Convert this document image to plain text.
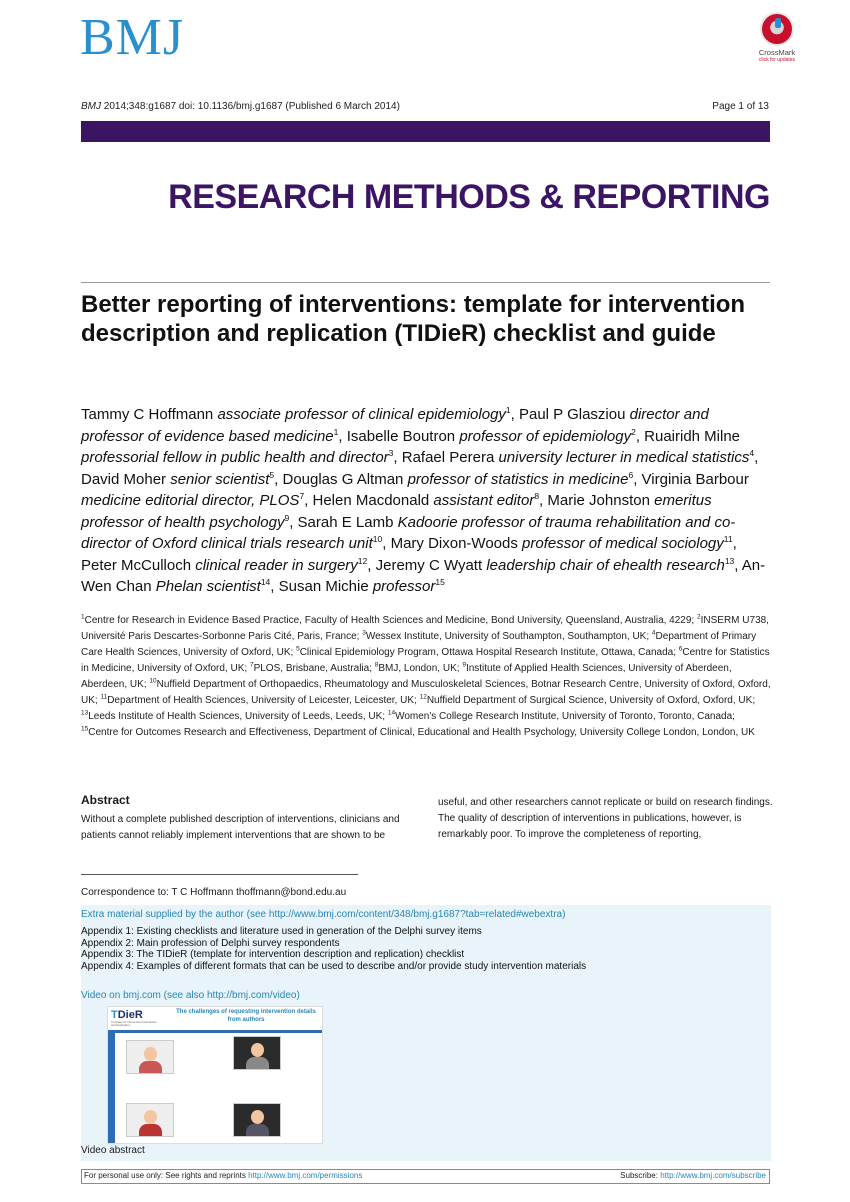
BMJ	CrossMark
click for updates
BMJ 2014;348:g1687 doi: 10.1136/bmj.g1687 (Published 6 March 2014)	Page 1 of 13
RESEARCH METHODS & REPORTING
Better reporting of interventions: template for intervention description and replication (TIDieR) checklist and guide
Tammy C Hoffmann associate professor of clinical epidemiology$^1$, Paul P Glasziou director and professor of evidence based medicine$^1$, Isabelle Boutron professor of epidemiology$^2$, Ruairidh Milne professorial fellow in public health and director$^3$, Rafael Perera university lecturer in medical statistics$^4$, David Moher senior scientist$^5$, Douglas G Altman professor of statistics in medicine$^6$, Virginia Barbour medicine editorial director, PLOS$^7$, Helen Macdonald assistant editor$^8$, Marie Johnston emeritus professor of health psychology$^9$, Sarah E Lamb Kadoorie professor of trauma rehabilitation and co-director of Oxford clinical trials research unit$^{10}$, Mary Dixon-Woods professor of medical sociology$^{11}$, Peter McCulloch clinical reader in surgery$^{12}$, Jeremy C Wyatt leadership chair of ehealth research$^{13}$, An-Wen Chan Phelan scientist$^{14}$, Susan Michie professor$^{15}$
$^1$Centre for Research in Evidence Based Practice, Faculty of Health Sciences and Medicine, Bond University, Queensland, Australia, 4229; $^2$INSERM U738, Université Paris Descartes-Sorbonne Paris Cité, Paris, France; $^3$Wessex Institute, University of Southampton, Southampton, UK; $^4$Department of Primary Care Health Sciences, University of Oxford, UK; $^5$Clinical Epidemiology Program, Ottawa Hospital Research Institute, Ottawa, Canada; $^6$Centre for Statistics in Medicine, University of Oxford, UK; $^7$PLOS, Brisbane, Australia; $^8$BMJ, London, UK; $^9$Institute of Applied Health Sciences, University of Aberdeen, Aberdeen, UK; $^{10}$Nuffield Department of Orthopaedics, Rheumatology and Musculoskeletal Sciences, Botnar Research Centre, University of Oxford, Oxford, UK; $^{11}$Department of Health Sciences, University of Leicester, Leicester, UK; $^{12}$Nuffield Department of Surgical Science, University of Oxford, Oxford, UK; $^{13}$Leeds Institute of Health Sciences, University of Leeds, Leeds, UK; $^{14}$Women's College Research Institute, University of Toronto, Toronto, Canada; $^{15}$Centre for Outcomes Research and Effectiveness, Department of Clinical, Educational and Health Psychology, University College London, London, UK
Abstract
Without a complete published description of interventions, clinicians and patients cannot reliably implement interventions that are shown to be
useful, and other researchers cannot replicate or build on research findings. The quality of description of interventions in publications, however, is remarkably poor. To improve the completeness of reporting,
Correspondence to: T C Hoffmann thoffmann@bond.edu.au
Extra material supplied by the author (see http://www.bmj.com/content/348/bmj.g1687?tab=related#webextra)
Appendix 1: Existing checklists and literature used in generation of the Delphi survey items
Appendix 2: Main profession of Delphi survey respondents
Appendix 3: The TIDieR (template for intervention description and replication) checklist
Appendix 4: Examples of different formats that can be used to describe and/or provide study intervention materials
Video on bmj.com (see also http://bmj.com/video)
TDieR
Template for Intervention Description and Replication
The challenges of requesting intervention details from authors
Video abstract
For personal use only: See rights and reprints http://www.bmj.com/permissions	Subscribe: http://www.bmj.com/subscribe
